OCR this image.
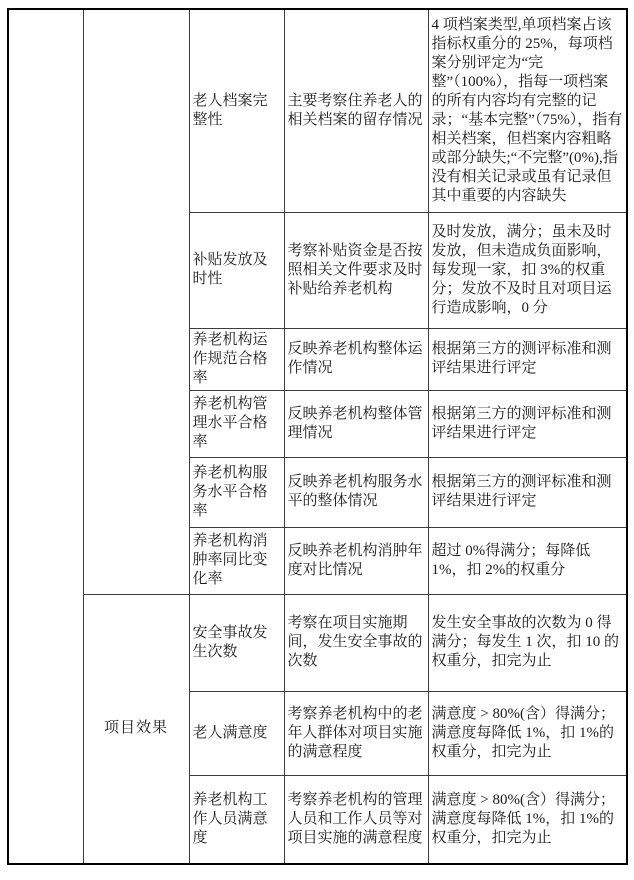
		老人档案完整性	主要考察住养老人的相关档案的留存情况	4 项档案类型,单项档案占该指标权重分的 25%，每项档案分别评定为“完整”（100%），指每一项档案的所有内容均有完整的记录；“基本完整”（75%），指有相关档案，但档案内容粗略或部分缺失;“不完整”(0%),指没有相关记录或虽有记录但其中重要的内容缺失
		补贴发放及时性	考察补贴资金是否按照相关文件要求及时补贴给养老机构	及时发放，满分；虽未及时发放，但未造成负面影响，每发现一家，扣 3%的权重分；发放不及时且对项目运行造成影响，0 分
		养老机构运作规范合格率	反映养老机构整体运作情况	根据第三方的测评标准和测评结果进行评定
		养老机构管理水平合格率	反映养老机构整体管理情况	根据第三方的测评标准和测评结果进行评定
		养老机构服务水平合格率	反映养老机构服务水平的整体情况	根据第三方的测评标准和测评结果进行评定
		养老机构消肿率同比变化率	反映养老机构消肿年度对比情况	超过 0%得满分；每降低 1%，扣 2%的权重分
	项目效果	安全事故发生次数	考察在项目实施期间，发生安全事故的次数	发生安全事故的次数为 0 得满分；每发生 1 次，扣 10 的权重分，扣完为止
		老人满意度	考察养老机构中的老年人群体对项目实施的满意程度	满意度 > 80%(含）得满分；满意度每降低 1%，扣 1%的权重分，扣完为止
		养老机构工作人员满意度	考察养老机构的管理人员和工作人员等对项目实施的满意程度	满意度 > 80%(含）得满分；满意度每降低 1%，扣 1%的权重分，扣完为止
